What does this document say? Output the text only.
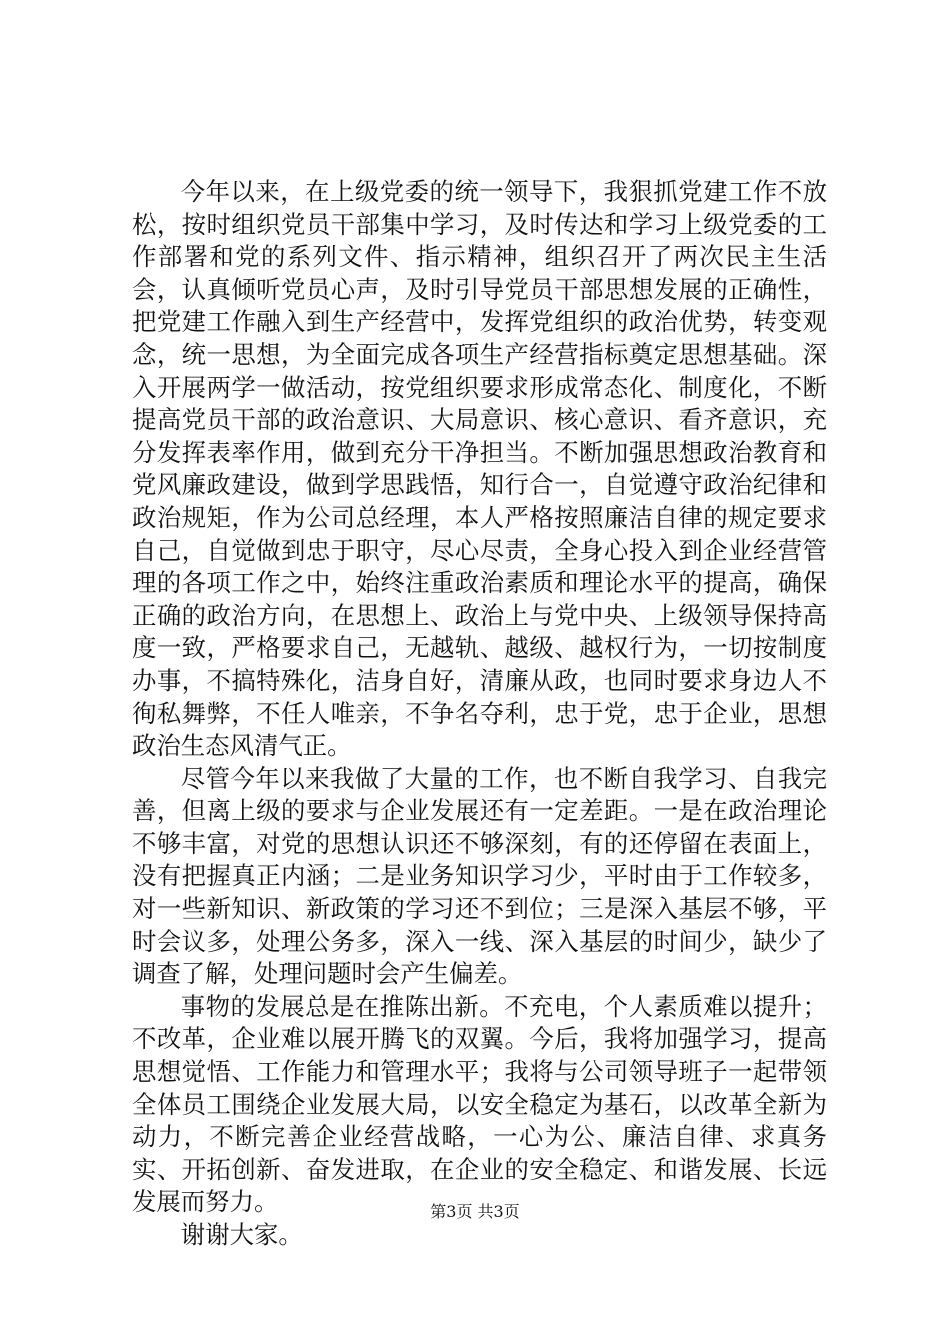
今年以来，在上级党委的统一领导下，我狠抓党建工作不放松，按时组织党员干部集中学习，及时传达和学习上级党委的工作部署和党的系列文件、指示精神，组织召开了两次民主生活会，认真倾听党员心声，及时引导党员干部思想发展的正确性，把党建工作融入到生产经营中，发挥党组织的政治优势，转变观念，统一思想，为全面完成各项生产经营指标奠定思想基础。深入开展两学一做活动，按党组织要求形成常态化、制度化，不断提高党员干部的政治意识、大局意识、核心意识、看齐意识，充分发挥表率作用，做到充分干净担当。不断加强思想政治教育和党风廉政建设，做到学思践悟，知行合一，自觉遵守政治纪律和政治规矩，作为公司总经理，本人严格按照廉洁自律的规定要求自己，自觉做到忠于职守，尽心尽责，全身心投入到企业经营管理的各项工作之中，始终注重政治素质和理论水平的提高，确保正确的政治方向，在思想上、政治上与党中央、上级领导保持高度一致，严格要求自己，无越轨、越级、越权行为，一切按制度办事，不搞特殊化，洁身自好，清廉从政，也同时要求身边人不徇私舞弊，不任人唯亲，不争名夺利，忠于党，忠于企业，思想政治生态风清气正。

尽管今年以来我做了大量的工作，也不断自我学习、自我完善，但离上级的要求与企业发展还有一定差距。一是在政治理论不够丰富，对党的思想认识还不够深刻，有的还停留在表面上，没有把握真正内涵；二是业务知识学习少，平时由于工作较多，对一些新知识、新政策的学习还不到位；三是深入基层不够，平时会议多，处理公务多，深入一线、深入基层的时间少，缺少了调查了解，处理问题时会产生偏差。

事物的发展总是在推陈出新。不充电，个人素质难以提升；不改革，企业难以展开腾飞的双翼。今后，我将加强学习，提高思想觉悟、工作能力和管理水平；我将与公司领导班子一起带领全体员工围绕企业发展大局，以安全稳定为基石，以改革全新为动力，不断完善企业经营战略，一心为公、廉洁自律、求真务实、开拓创新、奋发进取，在企业的安全稳定、和谐发展、长远发展而努力。

谢谢大家。

第3页 共3页
